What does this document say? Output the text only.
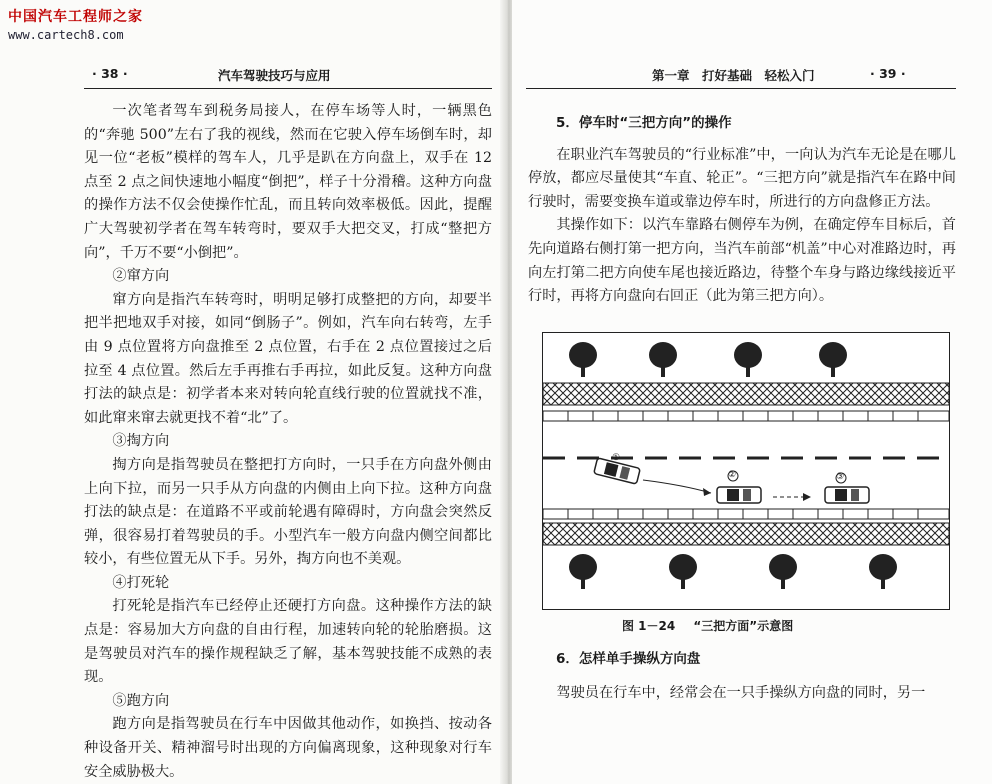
中国汽车工程师之家
www.cartech8.com
· 38 ·	汽车驾驶技巧与应用

一次笔者驾车到税务局接人，在停车场等人时，一辆黑色的“奔驰 500”左右了我的视线，然而在它驶入停车场倒车时，却见一位“老板”模样的驾车人，几乎是趴在方向盘上，双手在 12 点至 2 点之间快速地小幅度“倒把”，样子十分滑稽。这种方向盘的操作方法不仅会使操作忙乱，而且转向效率极低。因此，提醒广大驾驶初学者在驾车转弯时，要双手大把交叉，打成“整把方向”，千万不要“小倒把”。

②窜方向

窜方向是指汽车转弯时，明明足够打成整把的方向，却要半把半把地双手对接，如同“倒肠子”。例如，汽车向右转弯，左手由 9 点位置将方向盘推至 2 点位置，右手在 2 点位置接过之后拉至 4 点位置。然后左手再推右手再拉，如此反复。这种方向盘打法的缺点是：初学者本来对转向轮直线行驶的位置就找不准，如此窜来窜去就更找不着“北”了。

③掏方向

掏方向是指驾驶员在整把打方向时，一只手在方向盘外侧由上向下拉，而另一只手从方向盘的内侧由上向下拉。这种方向盘打法的缺点是：在道路不平或前轮遇有障碍时，方向盘会突然反弹，很容易打着驾驶员的手。小型汽车一般方向盘内侧空间都比较小，有些位置无从下手。另外，掏方向也不美观。

④打死轮

打死轮是指汽车已经停止还硬打方向盘。这种操作方法的缺点是：容易加大方向盘的自由行程，加速转向轮的轮胎磨损。这是驾驶员对汽车的操作规程缺乏了解，基本驾驶技能不成熟的表现。

⑤跑方向

跑方向是指驾驶员在行车中因做其他动作，如换挡、按动各种设备开关、精神溜号时出现的方向偏离现象，这种现象对行车安全威胁极大。

第一章　打好基础　轻松入门	· 39 ·
5．停车时“三把方向”的操作

在职业汽车驾驶员的“行业标准”中，一向认为汽车无论是在哪儿停放，都应尽量使其“车直、轮正”。“三把方向”就是指汽车在路中间行驶时，需要变换车道或靠边停车时，所进行的方向盘修正方法。

其操作如下：以汽车靠路右侧停车为例，在确定停车目标后，首先向道路右侧打第一把方向，当汽车前部“机盖”中心对准路边时，再向左打第二把方向使车尾也接近路边，待整个车身与路边缘线接近平行时，再将方向盘向右回正（此为第三把方向）。

①
②	③
图 1－24 “三把方面”示意图
6．怎样单手操纵方向盘

驾驶员在行车中，经常会在一只手操纵方向盘的同时，另一
